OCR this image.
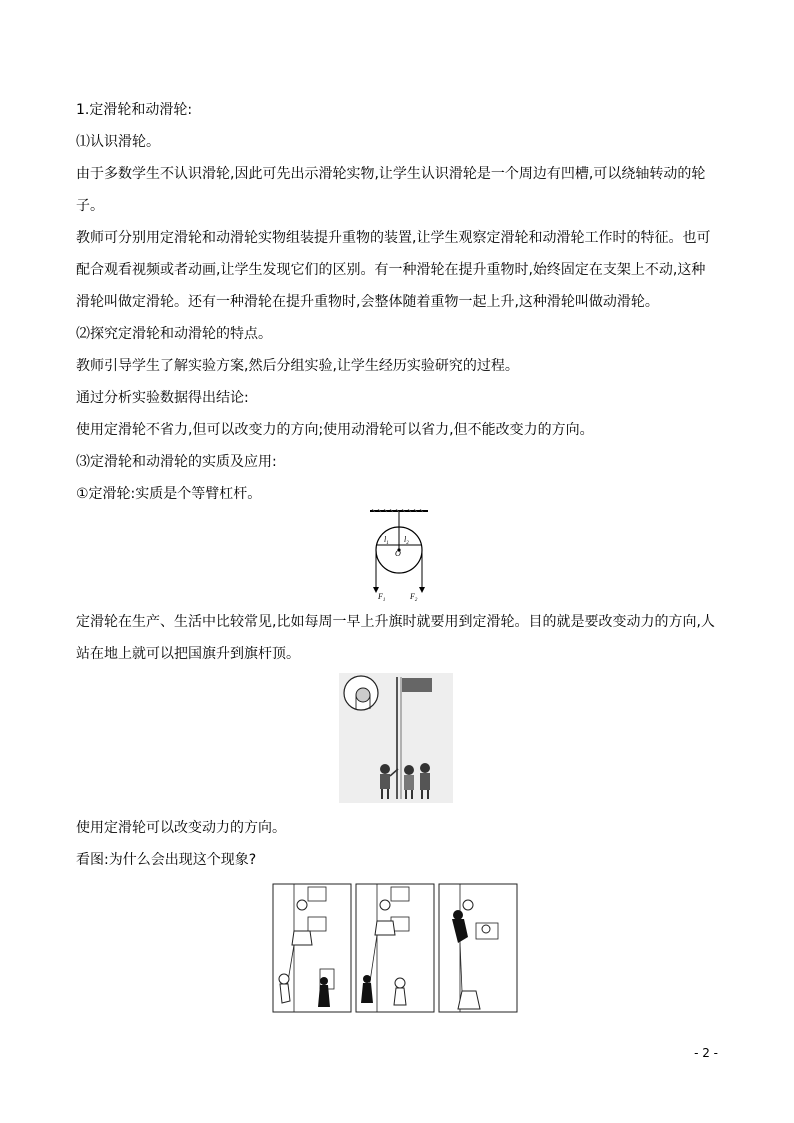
1.定滑轮和动滑轮:

⑴认识滑轮。

由于多数学生不认识滑轮,因此可先出示滑轮实物,让学生认识滑轮是一个周边有凹槽,可以绕轴转动的轮

子。

教师可分别用定滑轮和动滑轮实物组装提升重物的装置,让学生观察定滑轮和动滑轮工作时的特征。也可

配合观看视频或者动画,让学生发现它们的区别。有一种滑轮在提升重物时,始终固定在支架上不动,这种

滑轮叫做定滑轮。还有一种滑轮在提升重物时,会整体随着重物一起上升,这种滑轮叫做动滑轮。

⑵探究定滑轮和动滑轮的特点。

教师引导学生了解实验方案,然后分组实验,让学生经历实验研究的过程。

通过分析实验数据得出结论:

使用定滑轮不省力,但可以改变力的方向;使用动滑轮可以省力,但不能改变力的方向。

⑶定滑轮和动滑轮的实质及应用:

①定滑轮:实质是个等臂杠杆。

$l_1$ $l_2$
O
$F_1$	$F_2$

定滑轮在生产、生活中比较常见,比如每周一早上升旗时就要用到定滑轮。目的就是要改变动力的方向,人

站在地上就可以把国旗升到旗杆顶。

使用定滑轮可以改变动力的方向。

看图:为什么会出现这个现象?

- 2 -
